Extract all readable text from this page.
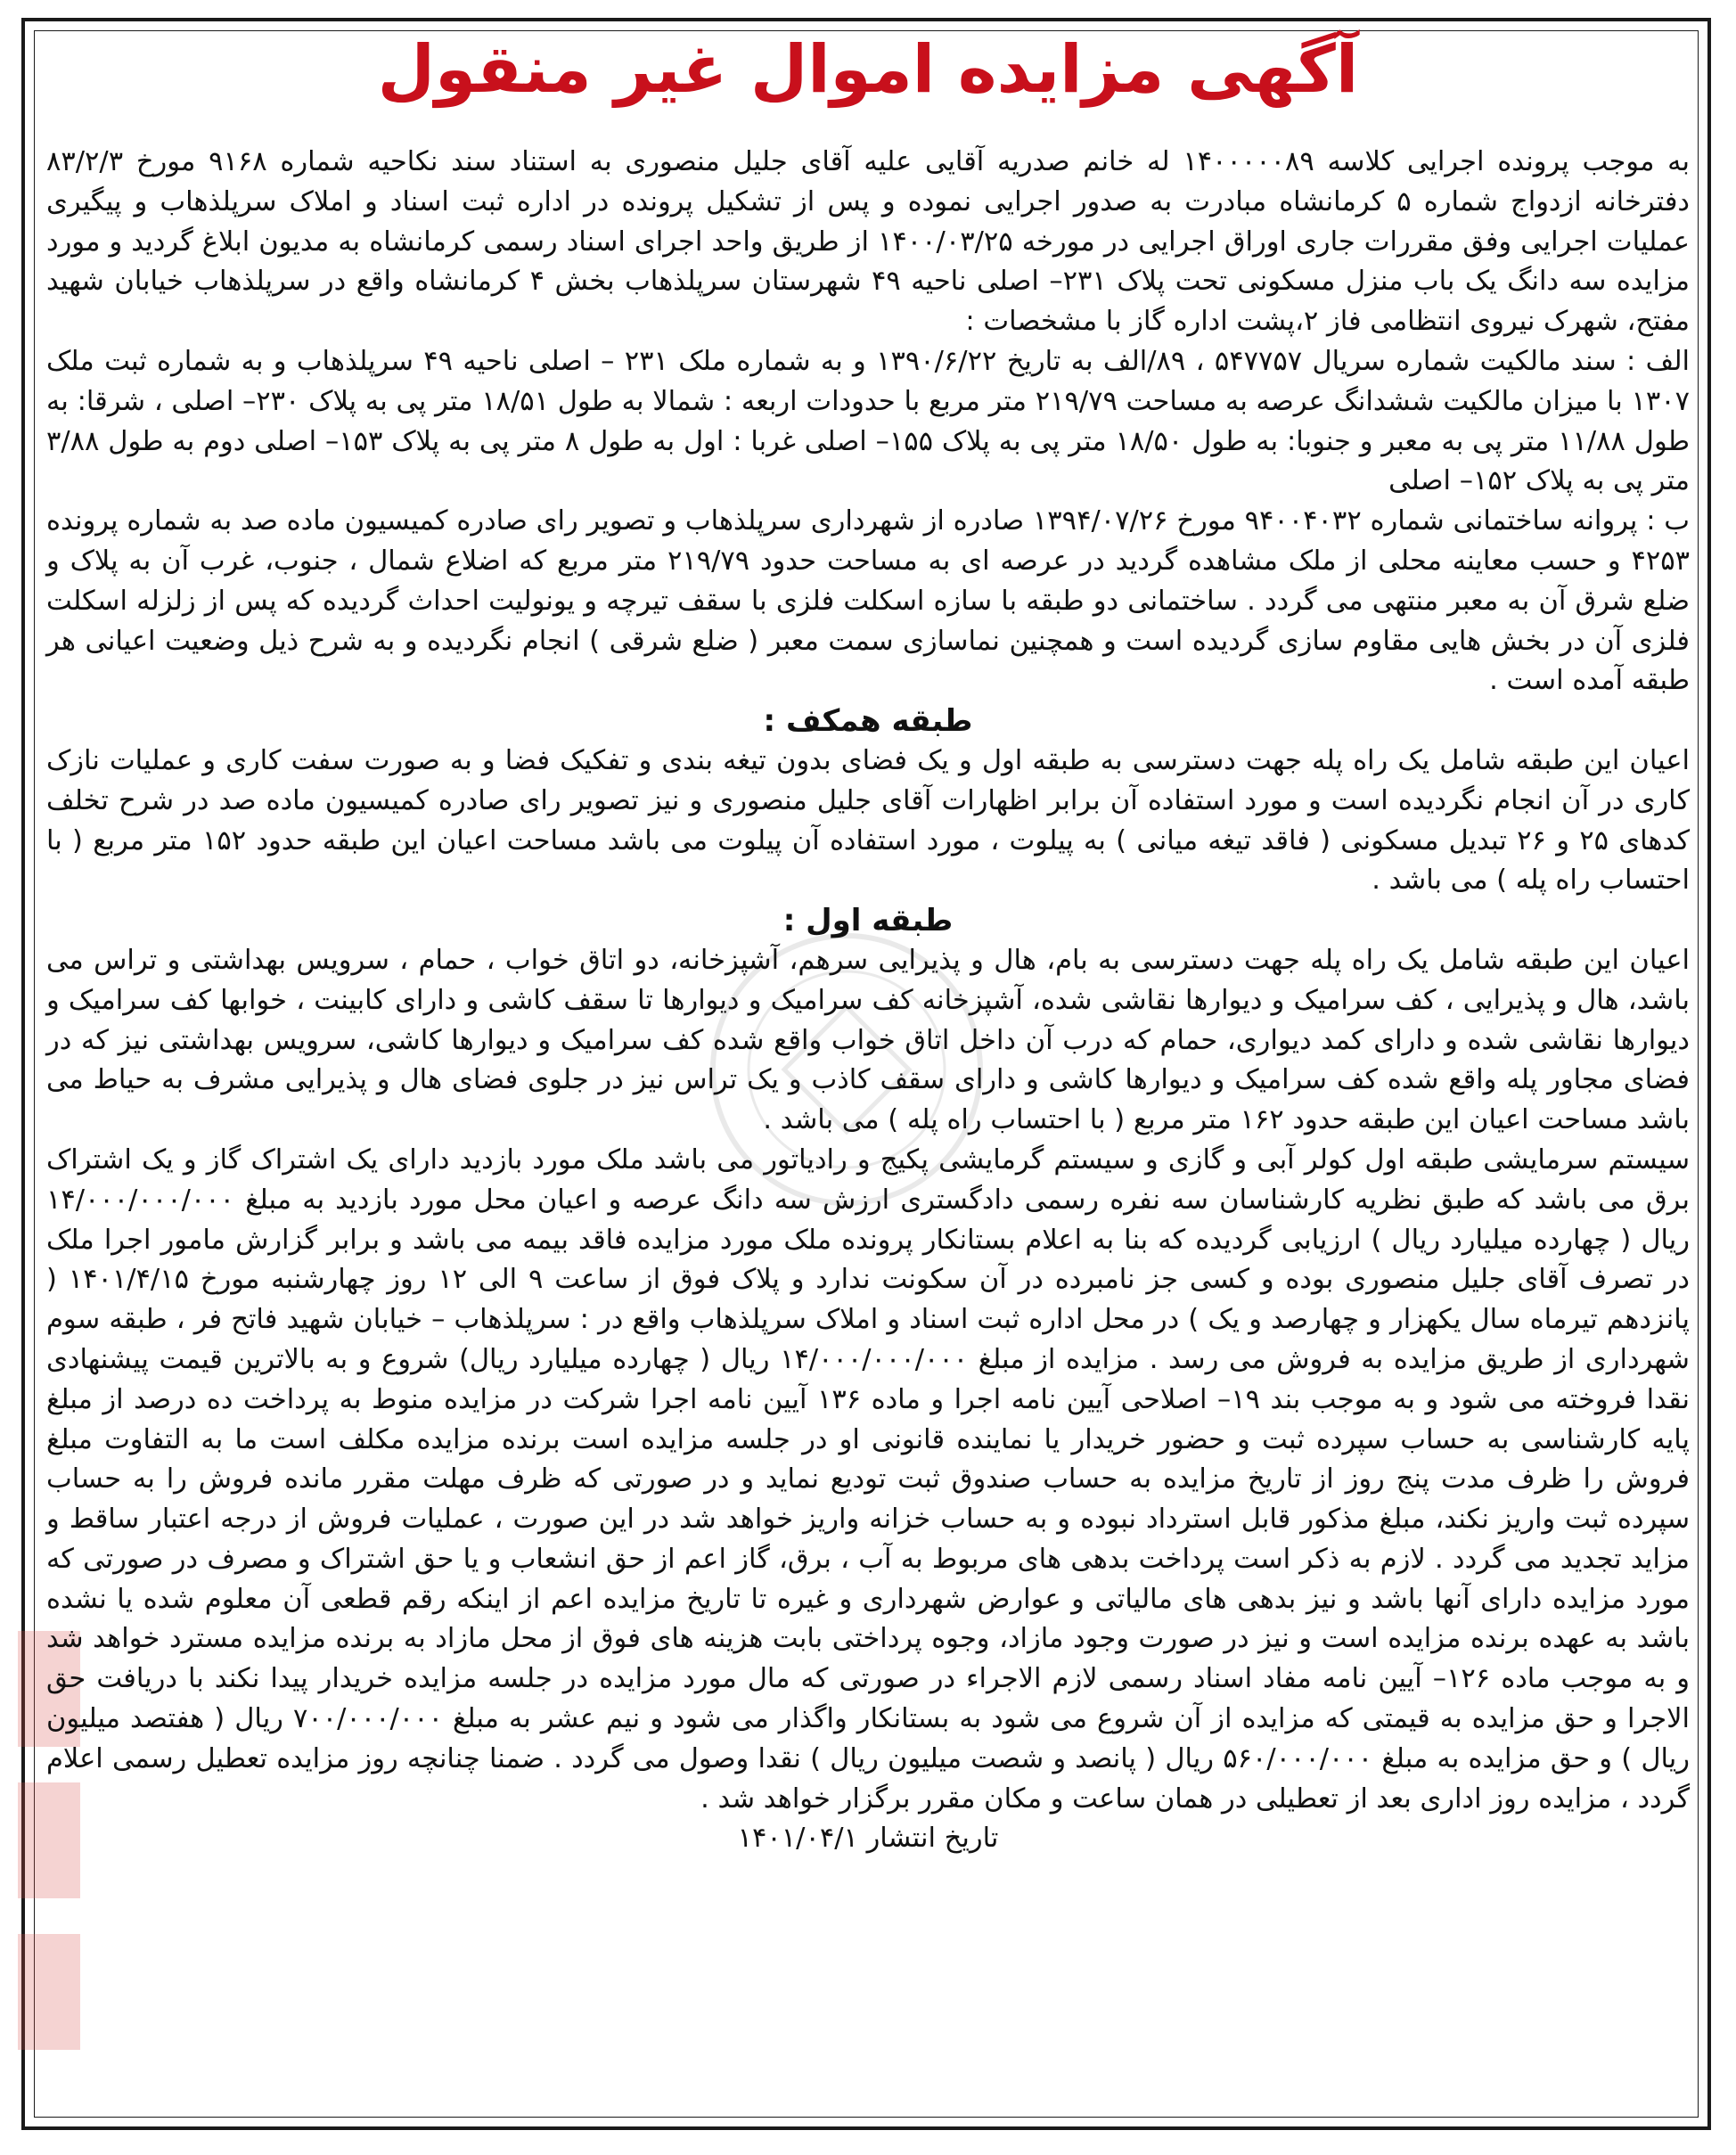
آگهی مزایده اموال غیر منقول

به موجب پرونده اجرایی کلاسه ۱۴۰۰۰۰۰۸۹ له خانم صدریه آقایی علیه آقای جلیل منصوری به استناد سند نکاحیه شماره ۹۱۶۸ مورخ ۸۳/۲/۳ دفترخانه ازدواج شماره ۵ کرمانشاه مبادرت به صدور اجرایی نموده و پس از تشکیل پرونده در اداره ثبت اسناد و املاک سرپلذهاب و پیگیری عملیات اجرایی وفق مقررات جاری اوراق اجرایی در مورخه ۱۴۰۰/۰۳/۲۵ از طریق واحد اجرای اسناد رسمی کرمانشاه به مدیون ابلاغ گردید و مورد مزایده سه دانگ یک باب منزل مسکونی تحت پلاک ۲۳۱– اصلی ناحیه ۴۹ شهرستان سرپلذهاب بخش ۴ کرمانشاه واقع در سرپلذهاب خیابان شهید مفتح، شهرک نیروی انتظامی فاز ۲،پشت اداره گاز با مشخصات :

الف : سند مالکیت شماره سریال ۵۴۷۷۵۷ ، ۸۹/الف به تاریخ ۱۳۹۰/۶/۲۲ و به شماره ملک ۲۳۱ – اصلی ناحیه ۴۹ سرپلذهاب و به شماره ثبت ملک ۱۳۰۷ با میزان مالکیت ششدانگ عرصه به مساحت ۲۱۹/۷۹ متر مربع با حدودات اربعه : شمالا به طول ۱۸/۵۱ متر پی به پلاک ۲۳۰– اصلی ، شرقا: به طول ۱۱/۸۸ متر پی به معبر و جنوبا: به طول ۱۸/۵۰ متر پی به پلاک ۱۵۵– اصلی غربا : اول به طول ۸ متر پی به پلاک ۱۵۳– اصلی دوم به طول ۳/۸۸ متر پی به پلاک ۱۵۲– اصلی

ب : پروانه ساختمانی شماره ۹۴۰۰۴۰۳۲ مورخ ۱۳۹۴/۰۷/۲۶ صادره از شهرداری سرپلذهاب و تصویر رای صادره کمیسیون ماده صد به شماره پرونده ۴۲۵۳ و حسب معاینه محلی از ملک مشاهده گردید در عرصه ای به مساحت حدود ۲۱۹/۷۹ متر مربع که اضلاع شمال ، جنوب، غرب آن به پلاک و ضلع شرق آن به معبر منتهی می گردد . ساختمانی دو طبقه با سازه اسکلت فلزی با سقف تیرچه و یونولیت احداث گردیده که پس از زلزله اسکلت فلزی آن در بخش هایی مقاوم سازی گردیده است و همچنین نماسازی سمت معبر ( ضلع شرقی ) انجام نگردیده و به شرح ذیل وضعیت اعیانی هر طبقه آمده است .

طبقه همکف :

اعیان این طبقه شامل یک راه پله جهت دسترسی به طبقه اول و یک فضای بدون تیغه بندی و تفکیک فضا و به صورت سفت کاری و عملیات نازک کاری در آن انجام نگردیده است و مورد استفاده آن برابر اظهارات آقای جلیل منصوری و نیز تصویر رای صادره کمیسیون ماده صد در شرح تخلف کدهای ۲۵ و ۲۶ تبدیل مسکونی ( فاقد تیغه میانی ) به پیلوت ، مورد استفاده آن پیلوت می باشد مساحت اعیان این طبقه حدود ۱۵۲ متر مربع ( با احتساب راه پله ) می باشد .

طبقه اول :

اعیان این طبقه شامل یک راه پله جهت دسترسی به بام، هال و پذیرایی سرهم، آشپزخانه، دو اتاق خواب ، حمام ، سرویس بهداشتی و تراس می باشد، هال و پذیرایی ، کف سرامیک و دیوارها نقاشی شده، آشپزخانه کف سرامیک و دیوارها تا سقف کاشی و دارای کابینت ، خوابها کف سرامیک و دیوارها نقاشی شده و دارای کمد دیواری، حمام که درب آن داخل اتاق خواب واقع شده کف سرامیک و دیوارها کاشی، سرویس بهداشتی نیز که در فضای مجاور پله واقع شده کف سرامیک و دیوارها کاشی و دارای سقف کاذب و یک تراس نیز در جلوی فضای هال و پذیرایی مشرف به حیاط می باشد مساحت اعیان این طبقه حدود ۱۶۲ متر مربع ( با احتساب راه پله ) می باشد .

سیستم سرمایشی طبقه اول کولر آبی و گازی و سیستم گرمایشی پکیج و رادیاتور می باشد ملک مورد بازدید دارای یک اشتراک گاز و یک اشتراک برق می باشد که طبق نظریه کارشناسان سه نفره رسمی دادگستری ارزش سه دانگ عرصه و اعیان محل مورد بازدید به مبلغ ۱۴/۰۰۰/۰۰۰/۰۰۰ ریال ( چهارده میلیارد ریال ) ارزیابی گردیده که بنا به اعلام بستانکار پرونده ملک مورد مزایده فاقد بیمه می باشد و برابر گزارش مامور اجرا ملک در تصرف آقای جلیل منصوری بوده و کسی جز نامبرده در آن سکونت ندارد و پلاک فوق از ساعت ۹ الی ۱۲ روز چهارشنبه مورخ ۱۴۰۱/۴/۱۵ ( پانزدهم تیرماه سال یکهزار و چهارصد و یک ) در محل اداره ثبت اسناد و املاک سرپلذهاب واقع در : سرپلذهاب – خیابان شهید فاتح فر ، طبقه سوم شهرداری از طریق مزایده به فروش می رسد . مزایده از مبلغ ۱۴/۰۰۰/۰۰۰/۰۰۰ ریال ( چهارده میلیارد ریال) شروع و به بالاترین قیمت پیشنهادی نقدا فروخته می شود و به موجب بند ۱۹– اصلاحی آیین نامه اجرا و ماده ۱۳۶ آیین نامه اجرا شرکت در مزایده منوط به پرداخت ده درصد از مبلغ پایه کارشناسی به حساب سپرده ثبت و حضور خریدار یا نماینده قانونی او در جلسه مزایده است برنده مزایده مکلف است ما به التفاوت مبلغ فروش را ظرف مدت پنج روز از تاریخ مزایده به حساب صندوق ثبت تودیع نماید و در صورتی که ظرف مهلت مقرر مانده فروش را به حساب سپرده ثبت واریز نکند، مبلغ مذکور قابل استرداد نبوده و به حساب خزانه واریز خواهد شد در این صورت ، عملیات فروش از درجه اعتبار ساقط و مزاید تجدید می گردد . لازم به ذکر است پرداخت بدهی های مربوط به آب ، برق، گاز اعم از حق انشعاب و یا حق اشتراک و مصرف در صورتی که مورد مزایده دارای آنها باشد و نیز بدهی های مالیاتی و عوارض شهرداری و غیره تا تاریخ مزایده اعم از اینکه رقم قطعی آن معلوم شده یا نشده باشد به عهده برنده مزایده است و نیز در صورت وجود مازاد، وجوه پرداختی بابت هزینه های فوق از محل مازاد به برنده مزایده مسترد خواهد شد و به موجب ماده ۱۲۶– آیین نامه مفاد اسناد رسمی لازم الاجراء در صورتی که مال مورد مزایده در جلسه مزایده خریدار پیدا نکند با دریافت حق الاجرا و حق مزایده به قیمتی که مزایده از آن شروع می شود به بستانکار واگذار می شود و نیم عشر به مبلغ ۷۰۰/۰۰۰/۰۰۰ ریال ( هفتصد میلیون ریال ) و حق مزایده به مبلغ ۵۶۰/۰۰۰/۰۰۰ ریال ( پانصد و شصت میلیون ریال ) نقدا وصول می گردد . ضمنا چنانچه روز مزایده تعطیل رسمی اعلام گردد ، مزایده روز اداری بعد از تعطیلی در همان ساعت و مکان مقرر برگزار خواهد شد .

تاریخ انتشار ۱۴۰۱/۰۴/۱
